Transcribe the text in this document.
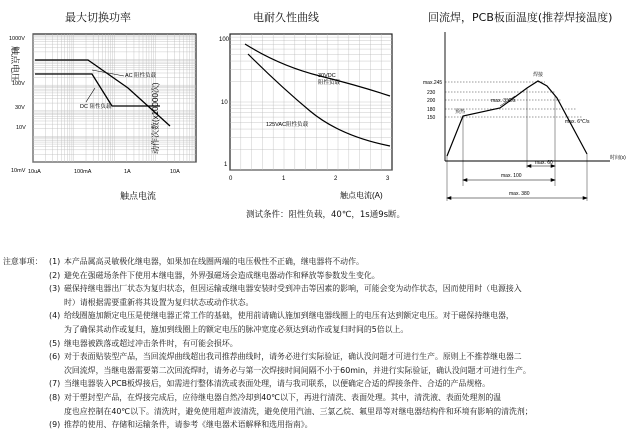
最大切换功率
触点电压
1000V
100V
30V
10V
10mV 10uA	100mA	1A	10A
AC 阻性负载
DC 阻性负载
触点电流
电耐久性曲线
动作次数(x10000次)
100
10
1
0	1	2	3
30VDC
阻性负载
125VAC阻性负载
触点电流(A)
测试条件：阻性负载，40℃，1s通9s断。
回流焊，PCB板面温度(推荐焊接温度)
max.245
230
200
180
150
焊接
预热
max. 3℃/s
max. 6℃/s
时间(s)
max. 60
max. 100
max. 380
注意事项： (1) 本产品属高灵敏极化继电器，如果加在线圈两端的电压极性不正确，继电器将不动作。

(2) 避免在强磁场条件下使用本继电器，外界强磁场会造成继电器动作和释放等参数发生变化。

(3) 磁保持继电器出厂状态为复归状态，但因运输或继电器安装时受到冲击等因素的影响，可能会变为动作状态，因而使用时（电源接入

时）请根据需要重新将其设置为复归状态或动作状态。
(4) 给线圈施加额定电压是使继电器正常工作的基础，使用前请确认施加到继电器线圈上的电压有达到额定电压。对于磁保持继电器，

为了确保其动作或复归，施加到线圈上的额定电压的脉冲宽度必须达到动作或复归时间的5倍以上。
(5) 继电器被跌落或超过冲击条件时，有可能会损坏。

(6) 对于表面贴装型产品，当回流焊曲线超出我司推荐曲线时，请务必进行实际验证，确认没问题才可进行生产。原则上不推荐继电器二

次回流焊，当继电器需要第二次回流焊时，请务必与第一次焊接时间间隔不小于60min，并进行实际验证，确认没问题才可进行生产。
(7) 当继电器装入PCB板焊接后，如需进行整体清洗或表面处理，请与我司联系，以便确定合适的焊接条件、合适的产品规格。

(8) 对于塑封型产品，在焊接完成后，应待继电器自然冷却到40℃以下，再进行清洗、表面处理。其中，清洗液、表面处理剂的温

度也应控制在40℃以下。清洗时，避免使用超声波清洗，避免使用汽油、三氯乙烷、氟里昂等对继电器结构件和环境有影响的清洗剂；
(9) 推荐的使用、存储和运输条件，请参考《继电器术语解释和选用指南》。
